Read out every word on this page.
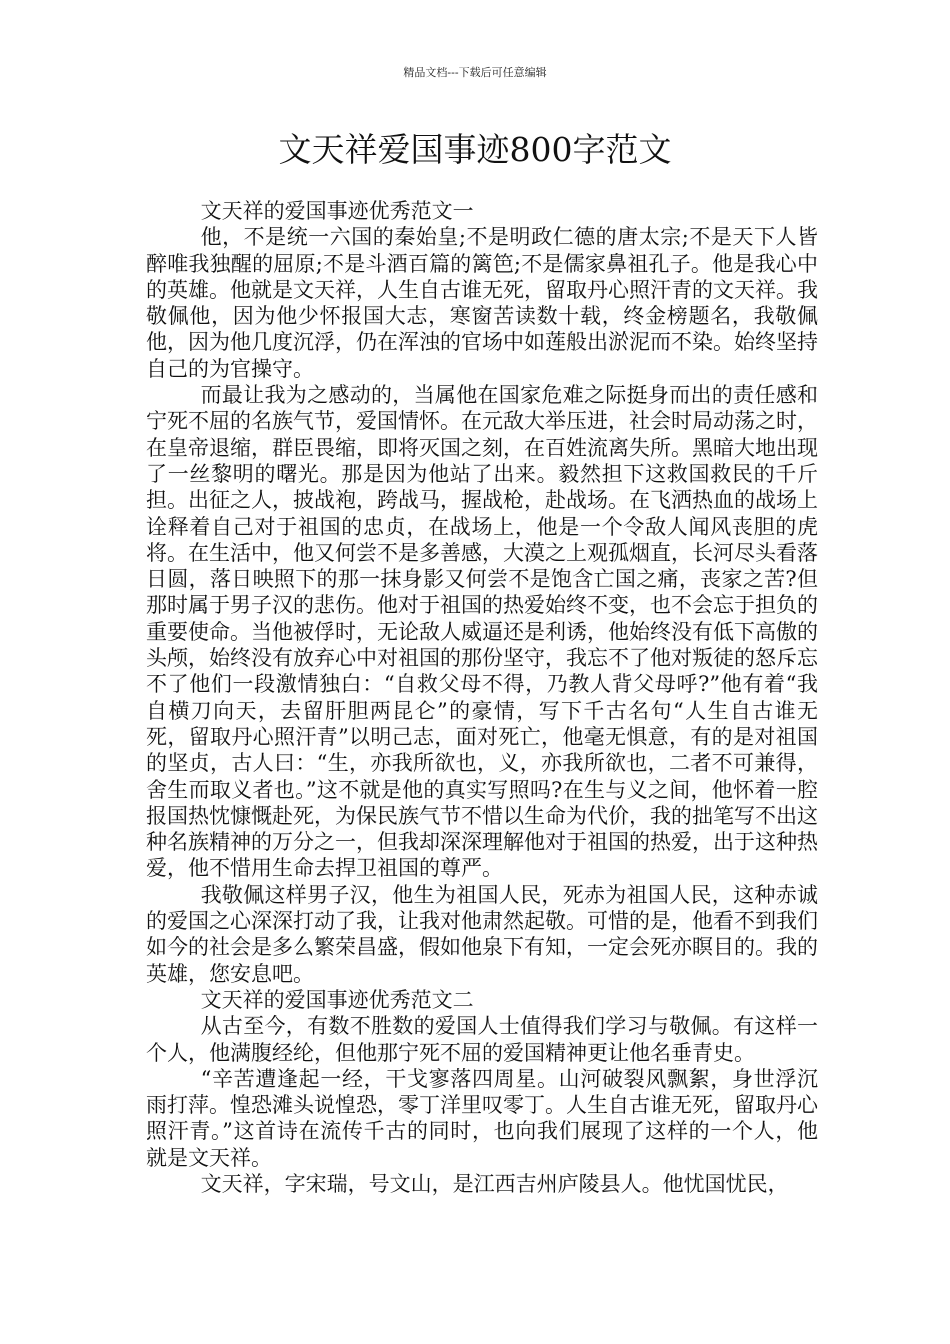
精品文档---下载后可任意编辑
文天祥爱国事迹800字范文

文天祥的爱国事迹优秀范文一

他，不是统一六国的秦始皇;不是明政仁德的唐太宗;不是天下人皆醉唯我独醒的屈原;不是斗酒百篇的篱笆;不是儒家鼻祖孔子。他是我心中的英雄。他就是文天祥，人生自古谁无死，留取丹心照汗青的文天祥。我敬佩他，因为他少怀报国大志，寒窗苦读数十载，终金榜题名，我敬佩他，因为他几度沉浮，仍在浑浊的官场中如莲般出淤泥而不染。始终坚持自己的为官操守。

而最让我为之感动的，当属他在国家危难之际挺身而出的责任感和宁死不屈的名族气节，爱国情怀。在元敌大举压进，社会时局动荡之时，在皇帝退缩，群臣畏缩，即将灭国之刻，在百姓流离失所。黑暗大地出现了一丝黎明的曙光。那是因为他站了出来。毅然担下这救国救民的千斤担。出征之人，披战袍，跨战马，握战枪，赴战场。在飞洒热血的战场上诠释着自己对于祖国的忠贞，在战场上，他是一个令敌人闻风丧胆的虎将。在生活中，他又何尝不是多善感，大漠之上观孤烟直，长河尽头看落日圆，落日映照下的那一抹身影又何尝不是饱含亡国之痛，丧家之苦?但那时属于男子汉的悲伤。他对于祖国的热爱始终不变，也不会忘于担负的重要使命。当他被俘时，无论敌人威逼还是利诱，他始终没有低下高傲的头颅，始终没有放弃心中对祖国的那份坚守，我忘不了他对叛徒的怒斥忘不了他们一段激情独白：“自救父母不得，乃教人背父母呼?”他有着“我自横刀向天，去留肝胆两昆仑”的豪情，写下千古名句“人生自古谁无死，留取丹心照汗青”以明己志，面对死亡，他毫无惧意，有的是对祖国的坚贞，古人曰：“生，亦我所欲也，义，亦我所欲也，二者不可兼得，舍生而取义者也。”这不就是他的真实写照吗?在生与义之间，他怀着一腔报国热忱慷慨赴死，为保民族气节不惜以生命为代价，我的拙笔写不出这种名族精神的万分之一，但我却深深理解他对于祖国的热爱，出于这种热爱，他不惜用生命去捍卫祖国的尊严。

我敬佩这样男子汉，他生为祖国人民，死赤为祖国人民，这种赤诚的爱国之心深深打动了我，让我对他肃然起敬。可惜的是，他看不到我们如今的社会是多么繁荣昌盛，假如他泉下有知，一定会死亦瞑目的。我的英雄，您安息吧。

文天祥的爱国事迹优秀范文二

从古至今，有数不胜数的爱国人士值得我们学习与敬佩。有这样一个人，他满腹经纶，但他那宁死不屈的爱国精神更让他名垂青史。

“辛苦遭逢起一经，干戈寥落四周星。山河破裂风飘絮，身世浮沉雨打萍。惶恐滩头说惶恐，零丁洋里叹零丁。人生自古谁无死，留取丹心照汗青。”这首诗在流传千古的同时，也向我们展现了这样的一个人，他就是文天祥。

文天祥，字宋瑞，号文山，是江西吉州庐陵县人。他忧国忧民，
